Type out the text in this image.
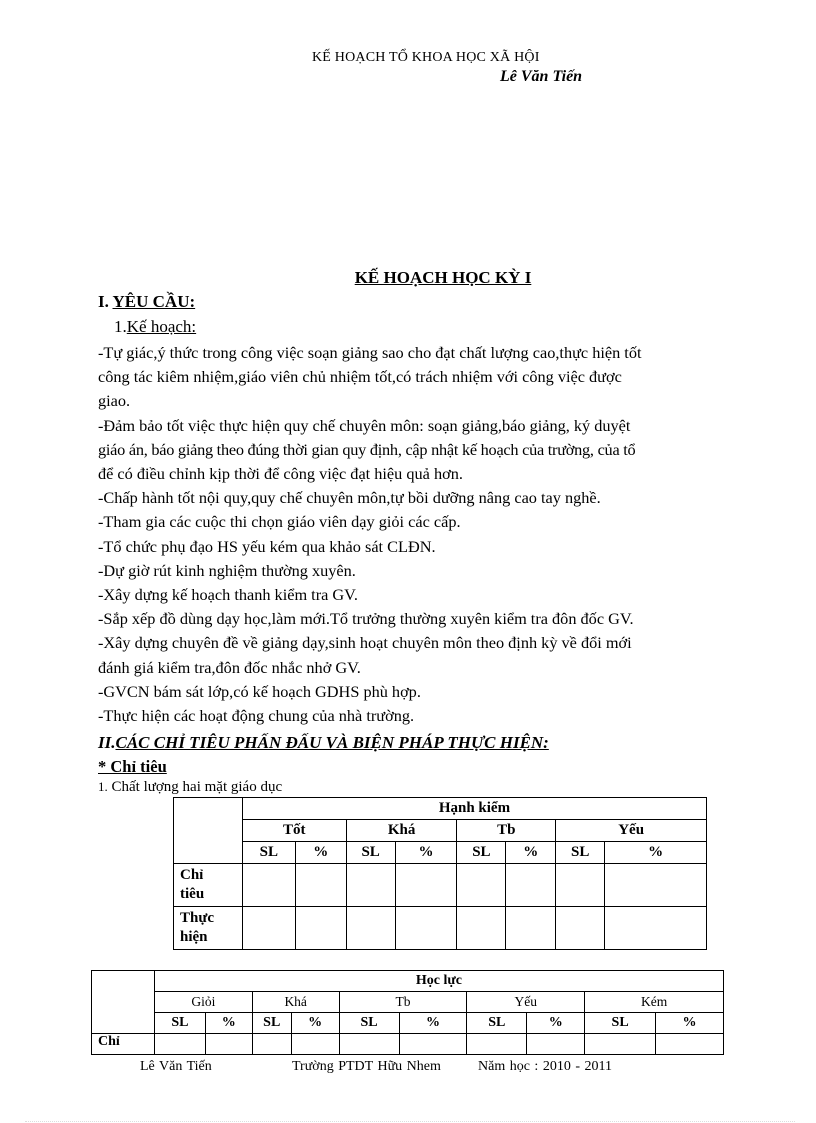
KẾ HOẠCH TỔ KHOA HỌC XÃ HỘI
Lê Văn Tiến
KẾ HOẠCH HỌC KỲ I
I. YÊU CẦU:
1.Kế hoạch:

-Tự giác,ý thức trong công việc soạn giảng sao cho đạt chất lượng cao,thực hiện tốt

công tác kiêm nhiệm,giáo viên chủ nhiệm tốt,có trách nhiệm với công việc được

giao.

-Đảm bảo tốt việc thực hiện quy chế chuyên môn: soạn giảng,báo giảng, ký duyệt

giáo án, báo giảng theo đúng thời gian quy định, cập nhật kế hoạch của trường, của tổ

để có điều chỉnh kịp thời để công việc đạt hiệu quả hơn.

-Chấp hành tốt nội quy,quy chế chuyên môn,tự bồi dưỡng nâng cao tay nghề.

-Tham gia các cuộc thi chọn giáo viên dạy giỏi các cấp.

-Tổ chức phụ đạo HS yếu kém qua khảo sát CLĐN.

-Dự giờ rút kinh nghiệm thường xuyên.

-Xây dựng kế hoạch thanh kiểm tra GV.

-Sắp xếp đồ dùng dạy học,làm mới.Tổ trưởng thường xuyên kiểm tra đôn đốc GV.

-Xây dựng chuyên đề về giảng dạy,sinh hoạt chuyên môn theo định kỳ về đổi mới

đánh giá kiểm tra,đôn đốc nhắc nhở GV.

-GVCN bám sát lớp,có kế hoạch GDHS phù hợp.

-Thực hiện các hoạt động chung của nhà trường.

II.CÁC CHỈ TIÊU PHẤN ĐẤU VÀ BIỆN PHÁP THỰC HIỆN:
* Chỉ tiêu
1. Chất lượng hai mặt giáo dục
	Hạnh kiểm							
	Tốt		Khá		Tb		Yếu	
	SL	%	SL	%	SL	%	SL	%
Chỉ
tiêu								
Thực
hiện								
	Học lực									
	Giỏi		Khá		Tb		Yếu		Kém	
	SL	%	SL	%	SL	%	SL	%	SL	%
Chỉ										
Lê Văn Tiến	Trường PTDT Hữu Nhem	Năm học : 2010 - 2011
